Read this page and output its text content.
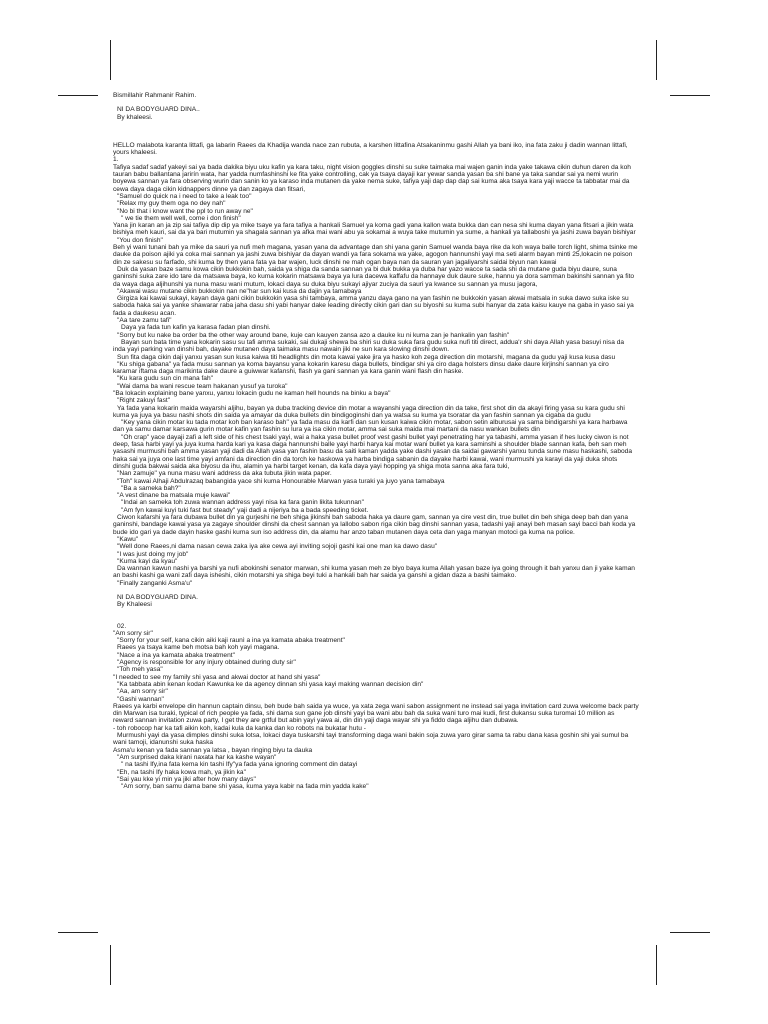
Bismillahir Rahmanir Rahim.
NI DA BODYGUARD DINA..
By khaleesi.
HELLO malabota karanta littafi, ga labarin Raees da Khadija wanda nace zan rubuta, a karshen littafina Atsakaninmu gashi Allah ya bani iko, ina fata zaku ji dadin wannan littafi,
yours khaleesi.
1.
Tafiya sadaf sadaf yakeyi sai ya bada dakika biyu uku kafin ya kara taku, night vision goggles dinshi su suke taimaka mai wajen ganin inda yake takawa cikin duhun daren da koh
tauran babu ballantana jarirín wata, har yadda numfashinshi ke fita yake controlling, cak ya tsaya dayaji kar yewar sanda yasan ba shi bane ya taka sandar sai ya nemi wurin
boyewa sannan ya fara observing wurin dan sanin ko ya karaso inda mutanen da yake nema suke, tafiya yaji dap dap dap sai kuma aka tsaya kara yaji wacce ta tabbatar mai da
cewa daya daga cikin kidnappers dinne ya dan zagaya dan fitsari,
"Samuel do quick na i need to take a leak too"
"Relax my guy them oga no dey nah"
"No bi that i know want the ppl to run away ne"
" we tie them well well, come i don finish"
Yana jin karan an ja zip sai tafiya dip dip ya mike tsaye ya fara tafiya a hankali Samuel ya koma gadi yana kallon wata bukka dan can nesa shi kuma dayan yana fitsari a jikin wata
bishiya meh kauri, sai da ya bari mutumin ya shagala sannan ya afka mai wani abu ya sokamai a wuya take mutumin ya sume, a hankali ya tallaboshi ya jashi zuwa bayan bishiyar
"You don finish"
Beh yi wani tunani bah ya mike da sauri ya nufi meh magana, yasan yana da advantage dan shi yana ganin Samuel wanda baya rike da koh waya balle torch light, shima tsinke me
dauke da poison ajiki ya coka mai sannan ya jashi zuwa bishiyar da dayan wandi ya fara sokama wa yake, agogon hannunshi yayi ma seti alarm bayan minti 25,lokacin ne poison
din ze sakesu su farfado, shi kuma by then yana fata ya bar wajen, luck dinshi ne mah ogan baya nan da sauran yan jagaliyarshi saidai biyun nan kawai
Duk da yasan baze samu kowa cikin bukkokin bah, saida ya shiga da sanda sannan ya bi duk bukka ya duba har yazo wacce ta sada shi da mutane guda biyu daure, suna
ganinshi suka zare ido tare da matsawa baya, ko kuma kokarin matsawa baya ya lura dacewa kaffafu da hannaye duk daure suke, hannu ya dora samman bakinshi sannan ya fito
da waya daga aljihunshi ya nuna masu wani mutum, lokaci daya su duka biyu sukayi ajiyar zuciya da sauri ya kwance su sannan ya musu jagora,
"Akawai wasu mutane cikin bukkokin nan ne"har sun kai kusa da dajin ya tamabaya
Girgiza kai kawai sukayi, kayan daya gani cikin bukkokin yasa shi tambaya, amma yanzu daya gano na yan fashin ne bukkokin yasan akwai matsala in suka dawo suka iske su
saboda haka sai ya yanke shawarar raba jaha dasu shi yabi hanyar dake leading directly cikin gari dan su biyoshi su kuma subi hanyar da zata kaisu kauye na gaba in yaso sai ya
fada a daukesu acan.
"Aa tare zamu tafi"
Daya ya fada tun kafin ya karasa fadan plan dinshi.
"Sorry but ku nake ba order ba the other way around bane, kuje can kauyen zansa azo a dauke ku ni kuma zan je hankalin yan fashin"
Bayan sun bata time yana kokarin sasu su tafi amma sukaki, sai dukaji shewa ba shiri su duka suka fara gudu suka nufi titi direct, addua'r shi daya Allah yasa basuyi nisa da
inda yayi parking van dinshi bah, dayake mutanen daya taimaka masu nawain jiki ne sun kara slowing dinshi down.
Sun fita daga cikin daji yanxu yasan sun kusa kaiwa titi headlights din mota kawai yake jira ya hasko koh zega direction din motarshi, magana da gudu yaji kusa kusa dasu
"Ku shiga gabana" ya fada musu sannan ya koma bayansu yana kokarin karesu daga bullets, bindigar shi ya ciro daga holsters dinsu dake daure kirjinshi sannan ya ciro
karamar iftama daga marikinta dake daure a guiwwar kafanshi, flash ya gani sannan ya kara ganin wani flash din haske.
"Ku kara gudu sun cin mana fah"
"Wai dama ba wani rescue team hakanan yusuf ya turoka"
"Ba lokacin explaining bane yanxu, yanxu lokacin gudu ne kaman hell hounds na binku a baya"
"Right zakuyi fast"
Ya fada yana kokarin maida wayarshi aljihu, bayan ya duba tracking device din motar a wayanshi yaga direction din da take, first shot din da akayi firing yasa su kara gudu shi
kuma ya juya ya basu nashi shots din saida ya amayar da duka bullets din bindigoginshi dan ya watsa su kuma ya tsoratar da yan fashin sannan ya cigaba da gudu
"Key yana cikin motar ku tada motar koh ban karaso bah" ya fada masu da karfi dan sun kusan kaiwa cikin motar, sabon setin alburusai ya sama bindigarshi ya kara harbawa
dan ya samu damar karsawa gurin motar kafin yan fashin su lura ya isa cikin motar, amma sai suka maida mai martani da nasu wankan bullets din
"Oh crap" yace dayaji zafi a left side of his chest tsaki yayi, wai a haka yasa bullet proof vest gashi bullet yayi penetrating har ya tabashi, amma yasan if hes lucky ciwon is not
deep, fasa harbi yayi ya juya kuma harda kari ya kasa daga hannunshi balle yayi harbi harya kai motar wani bullet ya kara saminshi a shoulder blade sannan kafa, beh san meh
yasashi murmushi bah amma yasan yaji dadi da Allah yasa yan fashin basu da saiti kaman yadda yake dashi yasan da saidai gawarshi yanxu tunda sune masu haskashi, saboda
haka sai ya juya one last time yayi amfani da direction din da torch ke haskowa ya harba bindiga sabanin da dayake harbi kawai, wani murmushi ya karayi da yaji duka shots
dinshi guda bakwai saida aka biyosu da ihu, alamin ya harbi target kenan, da kafa daya yayi hopping ya shiga mota sanna aka fara tuki,
"Nan zamuje" ya nuna masu wani address da aka tubuta jikin wata paper.
"Toh" kawai Alhaji Abdulrazaq babangida yace shi kuma Honourable Marwan yasa turaki ya juyo yana tamabaya
"Ba a sameka bah?"
"A vest dinane ba matsala muje kawai"
"Indai an sameka toh zuwa wannan address yayi nisa ka fara ganin likita tukunnan"
"Am fyn kawai kuyi tuki fast but steady" yaji dadi a nijeriya ba a bada speeding ticket.
Ciwon kafarshi ya fara dubawa bullet din ya gurjeshi ne beh shiga jikinshi bah saboda haka ya daure gam, sannan ya cire vest din, true bullet din beh shiga deep bah dan yana
ganinshi, bandage kawai yasa ya zagaye shoulder dinshi da chest sannan ya lallobo sabon riga cikin bag dinshi sannan yasa, tadashi yaji anayi beh masan sayi bacci bah koda ya
bude ido gari ya dade dayin haske gashi kuma sun iso address din, da alamu har anzo taban mutanen daya ceta dan yaga manyan motoci ga kuma na police.
"Kawu"
"Well done Raees,ni dama nasan cewa zaka iya ake cewa ayi inviting sojoji gashi kai one man ka dawo dasu"
"I was just doing my job"
"Kuma kayi da kyau"
Da wannan kawun nashi ya barshi ya nufi abokinshi senator marwan, shi kuma yasan meh ze biyo baya kuma Allah yasan baze iya going through it bah yanxu dan ji yake kaman
an bashi kashi ga wani zafi daya isheshi, cikin motarshi ya shiga beyi tuki a hankali bah har saida ya ganshi a gidan daza a bashi taimako.
"Finally zanganki Asma'u"
NI DA BODYGUARD DINA.
By Khaleesi
02.
"Am sorry sir"
"Sorry for your self, kana cikin aiki kaji raunì a ina ya kamata abaka treatment"
Raees ya tsaya kame beh motsa bah koh yayi magana.
"Nace a ina ya kamata abaka treatment"
"Agency is responsible for any injury obtained during duty sir"
"Toh meh yasa"
"I needed to see my family shi yasa and akwai doctor at hand shi yasa"
"Ka tabbata abin kenan kodan Kawunka ke da agency dinnan shi yasa kayi making wannan decision din"
"Aa, am sorry sir"
"Gashi wannan"
Raees ya karbi envelope din hannun captain dinsu, beh bude bah saida ya wuce, ya xata zega wani sabon assignment ne instead sai yaga invitation card zuwa welcome back party
din Marwan isa turaki, typical of rich people ya fada, shi dama sun gane job dinshi yayi ba wani abu bah da suka wani turo mai kudi, first dukansu suka turomai 10 million as
reward sannan invitation zuwa party, I get they are grtful but abin yayi yawa ai, din din yaji daga wayar shi ya fiddo daga aljihu dan dubawa.
- toh robocop har ka tafi aikin koh, kadai kula da kanka dan ko robots na bukatar hutu -
Murmushi yayi da yasa dimples dinshi suka lotsa, lokaci daya tuskarshi tayi transforming daga wani bakin soja zuwa yaro girar sama ta rabu dana kasa goshin shi yai sumul ba
wani tamoji, idanunshi suka haska
Asma'u kenan ya fada sannan ya latsa , bayan ringing biyu ta dauka
"Am surprised daka kirani naxata har ka kashe wayan"
" na tashi Ify,ina fata kema kin tashi Ify"ya fada yana ignoring comment din datayi
"Eh, na tashi Ify haka kowa mah, ya jikin ka"
"Sai yau kke yi min ya jiki after how many days"
"Am sorry, ban samu dama bane shi yasa, kuma yaya kabir na fada min yadda kake"
